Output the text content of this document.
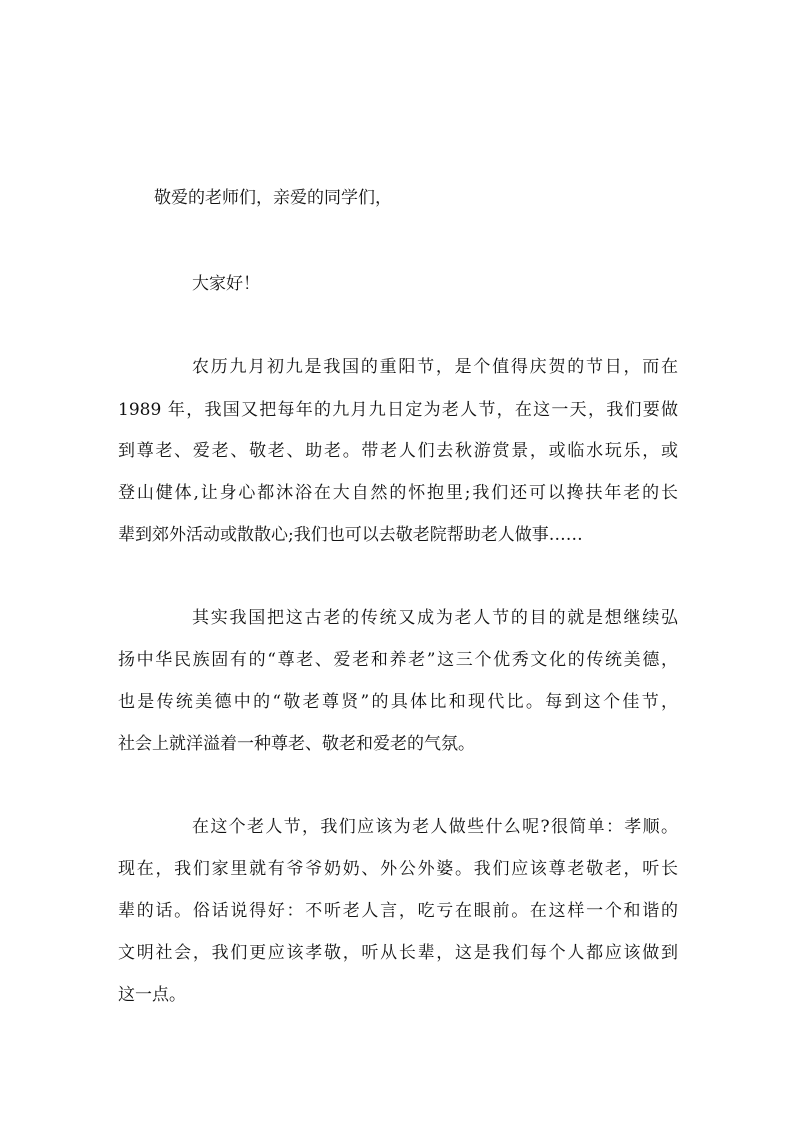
敬爱的老师们，亲爱的同学们，
大家好！
农历九月初九是我国的重阳节，是个值得庆贺的节日，而在
1989 年，我国又把每年的九月九日定为老人节，在这一天，我们要做
到尊老、爱老、敬老、助老。带老人们去秋游赏景，或临水玩乐，或
登山健体,让身心都沐浴在大自然的怀抱里;我们还可以搀扶年老的长
辈到郊外活动或散散心;我们也可以去敬老院帮助老人做事……
其实我国把这古老的传统又成为老人节的目的就是想继续弘
扬中华民族固有的“尊老、爱老和养老”这三个优秀文化的传统美德，
也是传统美德中的“敬老尊贤”的具体比和现代比。每到这个佳节，
社会上就洋溢着一种尊老、敬老和爱老的气氛。
在这个老人节，我们应该为老人做些什么呢?很简单：孝顺。
现在，我们家里就有爷爷奶奶、外公外婆。我们应该尊老敬老，听长
辈的话。俗话说得好：不听老人言，吃亏在眼前。在这样一个和谐的
文明社会，我们更应该孝敬，听从长辈，这是我们每个人都应该做到
这一点。
